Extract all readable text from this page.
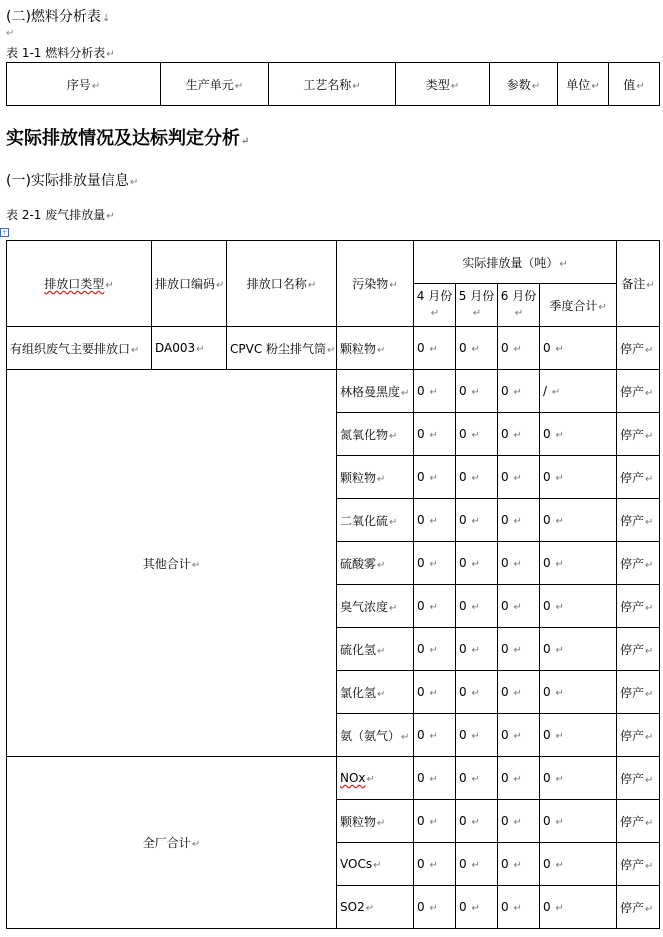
(二)燃料分析表↓
↵
表 1-1 燃料分析表↵
序号↵	生产单元↵	工艺名称↵	类型↵	参数↵	单位↵	值↵
实际排放情况及达标判定分析↵
(一)实际排放量信息↵
表 2-1 废气排放量↵
+
排放口类型↵	排放口编码↵	排放口名称↵	污染物↵	实际排放量（吨）↵				备注↵
				4 月份↵	5 月份↵	6 月份↵	季度合计↵	
有组织废气主要排放口↵	DA003↵	CPVC 粉尘排气筒↵	颗粒物↵	0 ↵	0 ↵	0 ↵	0 ↵	停产↵
其他合计↵			林格曼黑度↵	0 ↵	0 ↵	0 ↵	/ ↵	停产↵
			氮氧化物↵	0 ↵	0 ↵	0 ↵	0 ↵	停产↵
			颗粒物↵	0 ↵	0 ↵	0 ↵	0 ↵	停产↵
			二氧化硫↵	0 ↵	0 ↵	0 ↵	0 ↵	停产↵
			硫酸雾↵	0 ↵	0 ↵	0 ↵	0 ↵	停产↵
			臭气浓度↵	0 ↵	0 ↵	0 ↵	0 ↵	停产↵
			硫化氢↵	0 ↵	0 ↵	0 ↵	0 ↵	停产↵
			氯化氢↵	0 ↵	0 ↵	0 ↵	0 ↵	停产↵
			氨（氨气）↵	0 ↵	0 ↵	0 ↵	0 ↵	停产↵
全厂合计↵			NOx↵	0 ↵	0 ↵	0 ↵	0 ↵	停产↵
			颗粒物↵	0 ↵	0 ↵	0 ↵	0 ↵	停产↵
			VOCs↵	0 ↵	0 ↵	0 ↵	0 ↵	停产↵
			SO2↵	0 ↵	0 ↵	0 ↵	0 ↵	停产↵
